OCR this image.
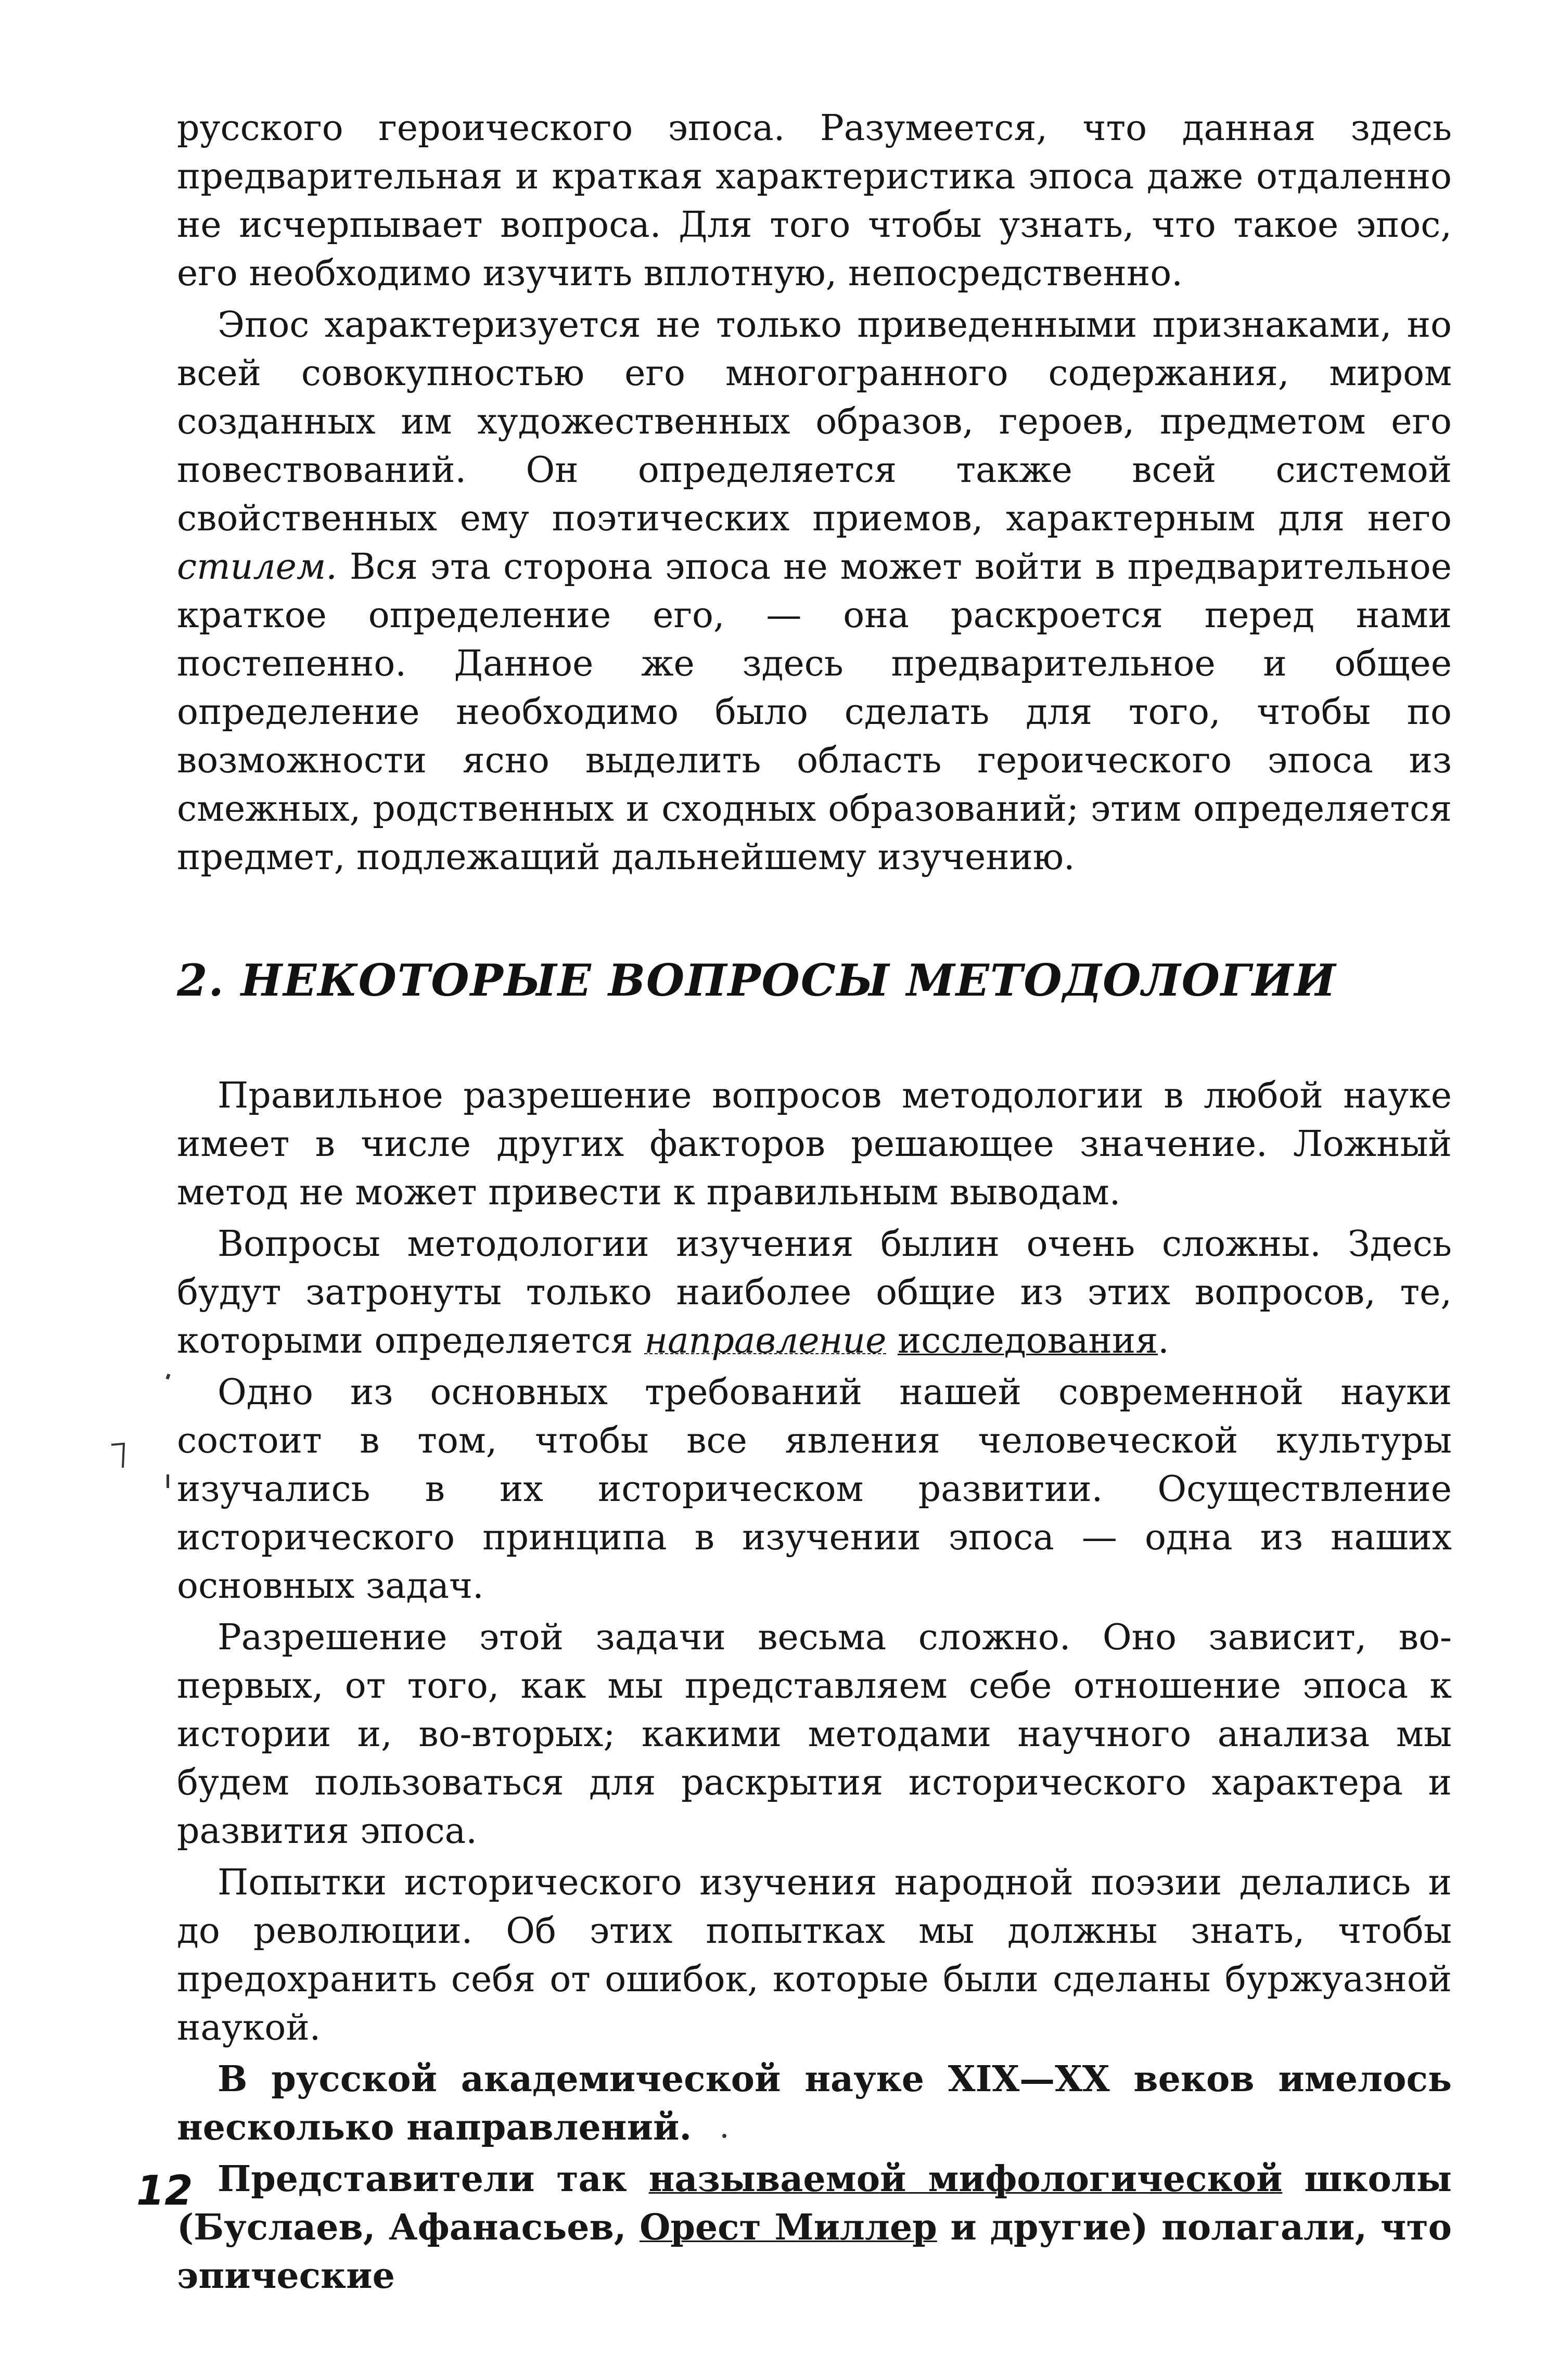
русского героического эпоса. Разумеется, что данная здесь предварительная и краткая характеристика эпоса даже отдаленно не исчерпывает вопроса. Для того чтобы узнать, что такое эпос, его необходимо изучить вплотную, непосредственно.

Эпос характеризуется не только приведенными признаками, но всей совокупностью его многогранного содержания, миром созданных им художественных образов, героев, предметом его повествований. Он определяется также всей системой свойственных ему поэтических приемов, характерным для него стилем. Вся эта сторона эпоса не может войти в предварительное краткое определение его, — она раскроется перед нами постепенно. Данное же здесь предварительное и общее определение необходимо было сделать для того, чтобы по возможности ясно выделить область героического эпоса из смежных, родственных и сходных образований; этим определяется предмет, подлежащий дальнейшему изучению.

2. НЕКОТОРЫЕ ВОПРОСЫ МЕТОДОЛОГИИ

Правильное разрешение вопросов методологии в любой науке имеет в числе других факторов решающее значение. Ложный метод не может привести к правильным выводам.

Вопросы методологии изучения былин очень сложны. Здесь будут затронуты только наиболее общие из этих вопросов, те, которыми определяется направление исследования.

Одно из основных требований нашей современной науки состоит в том, чтобы все явления человеческой культуры изучались в их историческом развитии. Осуществление исторического принципа в изучении эпоса — одна из наших основных задач.

Разрешение этой задачи весьма сложно. Оно зависит, во-первых, от того, как мы представляем себе отношение эпоса к истории и, во-вторых; какими методами научного анализа мы будем пользоваться для раскрытия исторического характера и развития эпоса.

Попытки исторического изучения народной поэзии делались и до революции. Об этих попытках мы должны знать, чтобы предохранить себя от ошибок, которые были сделаны буржуазной наукой.

В русской академической науке XIX—XX веков имелось несколько направлений.

Представители так называемой мифологической школы (Буслаев, Афанасьев, Орест Миллер и другие) полагали, что эпические

12
